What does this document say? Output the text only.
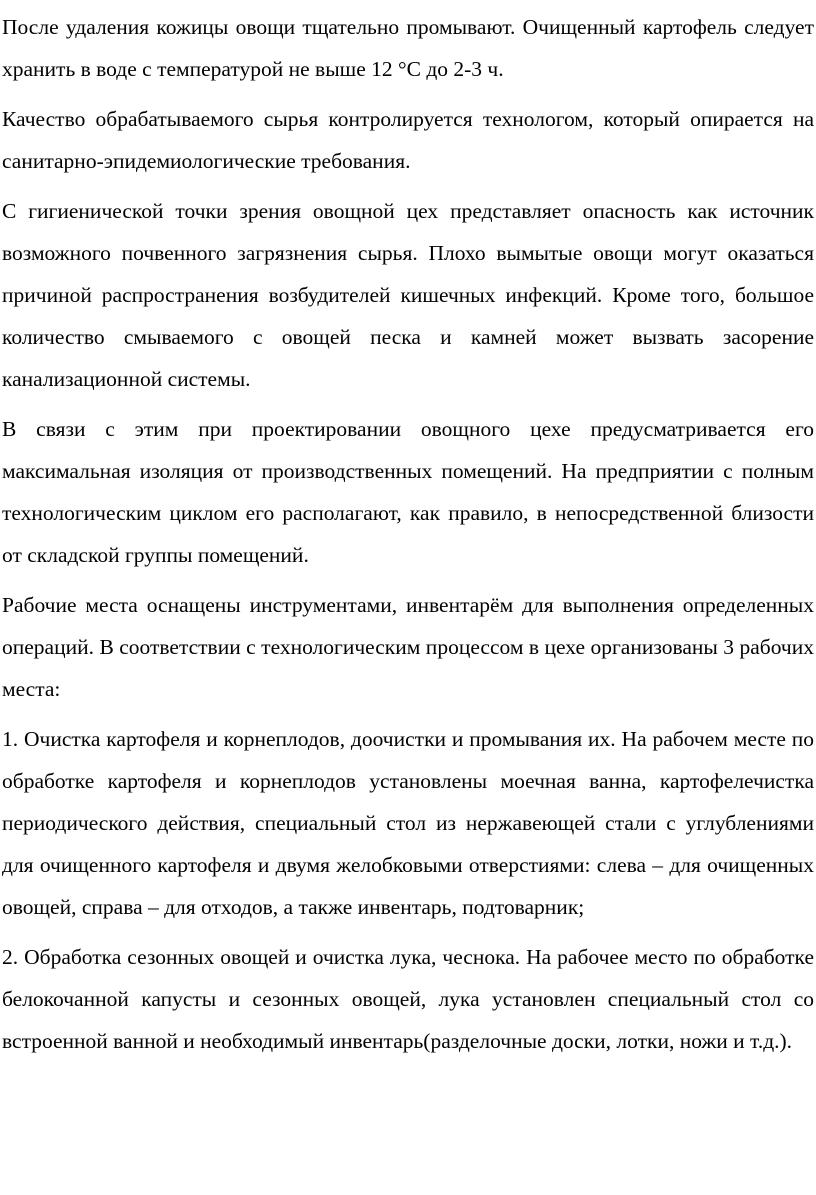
После удаления кожицы овощи тщательно промывают. Очищенный картофель следует хранить в воде с температурой не выше 12 °С до 2-3 ч.

Качество обрабатываемого сырья контролируется технологом, который опирается на санитарно-эпидемиологические требования.

С гигиенической точки зрения овощной цех представляет опасность как источник возможного почвенного загрязнения сырья. Плохо вымытые овощи могут оказаться причиной распространения возбудителей кишечных инфекций. Кроме того, большое количество смываемого с овощей песка и камней может вызвать засорение канализационной системы.

В связи с этим при проектировании овощного цехе предусматривается его максимальная изоляция от производственных помещений. На предприятии с полным технологическим циклом его располагают, как правило, в непосредственной близости от складской группы помещений.

Рабочие места оснащены инструментами, инвентарём для выполнения определенных операций. В соответствии с технологическим процессом в цехе организованы 3 рабочих места:

1. Очистка картофеля и корнеплодов, доочистки и промывания их. На рабочем месте по обработке картофеля и корнеплодов установлены моечная ванна, картофелечистка периодического действия, специальный стол из нержавеющей стали с углублениями для очищенного картофеля и двумя желобковыми отверстиями: слева – для очищенных овощей, справа – для отходов, а также инвентарь, подтоварник;

2. Обработка сезонных овощей и очистка лука, чеснока. На рабочее место по обработке белокочанной капусты и сезонных овощей, лука установлен специальный стол со встроенной ванной и необходимый инвентарь(разделочные доски, лотки, ножи и т.д.).
